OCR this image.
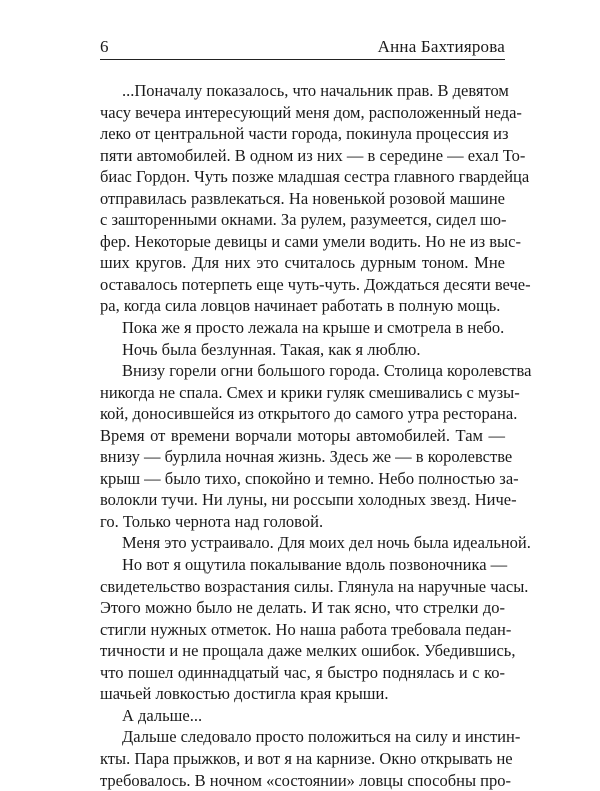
6	Анна Бахтиярова
...Поначалу показалось, что начальник прав. В девятом
часу вечера интересующий меня дом, расположенный неда-
леко от центральной части города, покинула процессия из
пяти автомобилей. В одном из них — в середине — ехал То-
биас Гордон. Чуть позже младшая сестра главного гвардейца
отправилась развлекаться. На новенькой розовой машине
с зашторенными окнами. За рулем, разумеется, сидел шо-
фер. Некоторые девицы и сами умели водить. Но не из выс-
ших кругов. Для них это считалось дурным тоном. Мне
оставалось потерпеть еще чуть-чуть. Дождаться десяти вече-
ра, когда сила ловцов начинает работать в полную мощь.
Пока же я просто лежала на крыше и смотрела в небо.
Ночь была безлунная. Такая, как я люблю.
Внизу горели огни большого города. Столица королевства
никогда не спала. Смех и крики гуляк смешивались с музы-
кой, доносившейся из открытого до самого утра ресторана.
Время от времени ворчали моторы автомобилей. Там —
внизу — бурлила ночная жизнь. Здесь же — в королевстве
крыш — было тихо, спокойно и темно. Небо полностью за-
волокли тучи. Ни луны, ни россыпи холодных звезд. Ниче-
го. Только чернота над головой.
Меня это устраивало. Для моих дел ночь была идеальной.
Но вот я ощутила покалывание вдоль позвоночника —
свидетельство возрастания силы. Глянула на наручные часы.
Этого можно было не делать. И так ясно, что стрелки до-
стигли нужных отметок. Но наша работа требовала педан-
тичности и не прощала даже мелких ошибок. Убедившись,
что пошел одиннадцатый час, я быстро поднялась и с ко-
шачьей ловкостью достигла края крыши.
А дальше...
Дальше следовало просто положиться на силу и инстин-
кты. Пара прыжков, и вот я на карнизе. Окно открывать не
требовалось. В ночном «состоянии» ловцы способны про-
